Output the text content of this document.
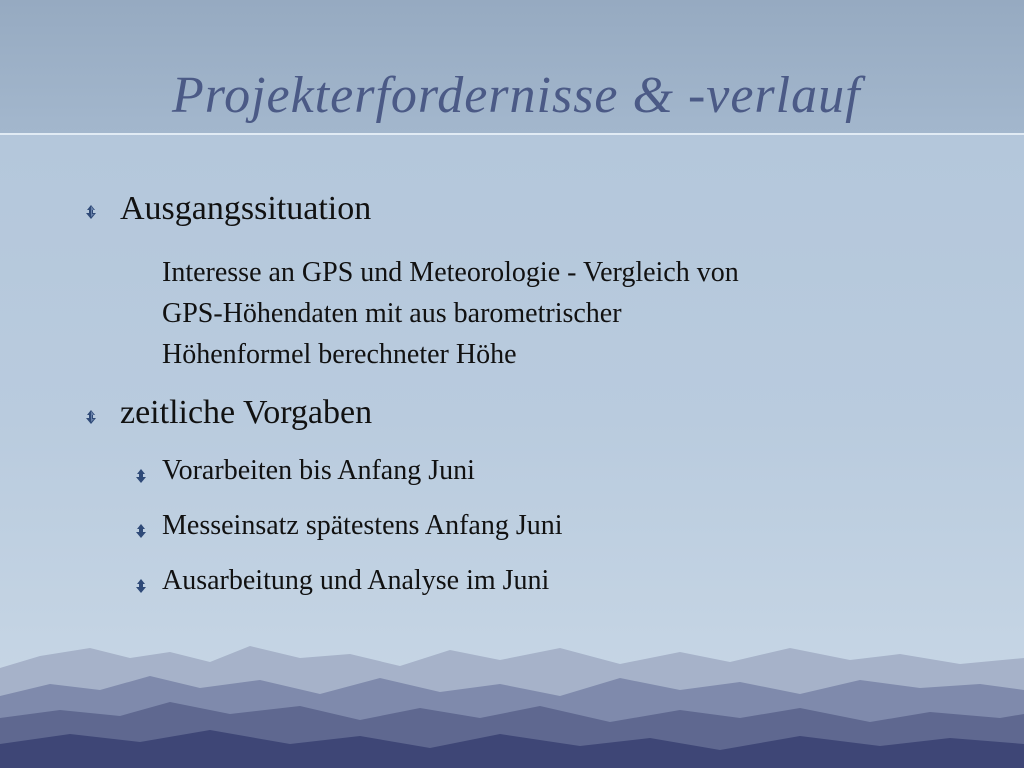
Projekterfordernisse & -verlauf
Ausgangssituation
Interesse an GPS und Meteorologie - Vergleich von
GPS-Höhendaten mit aus barometrischer
Höhenformel berechneter Höhe
zeitliche Vorgaben
Vorarbeiten bis Anfang Juni
Messeinsatz spätestens Anfang Juni
Ausarbeitung und Analyse im Juni
